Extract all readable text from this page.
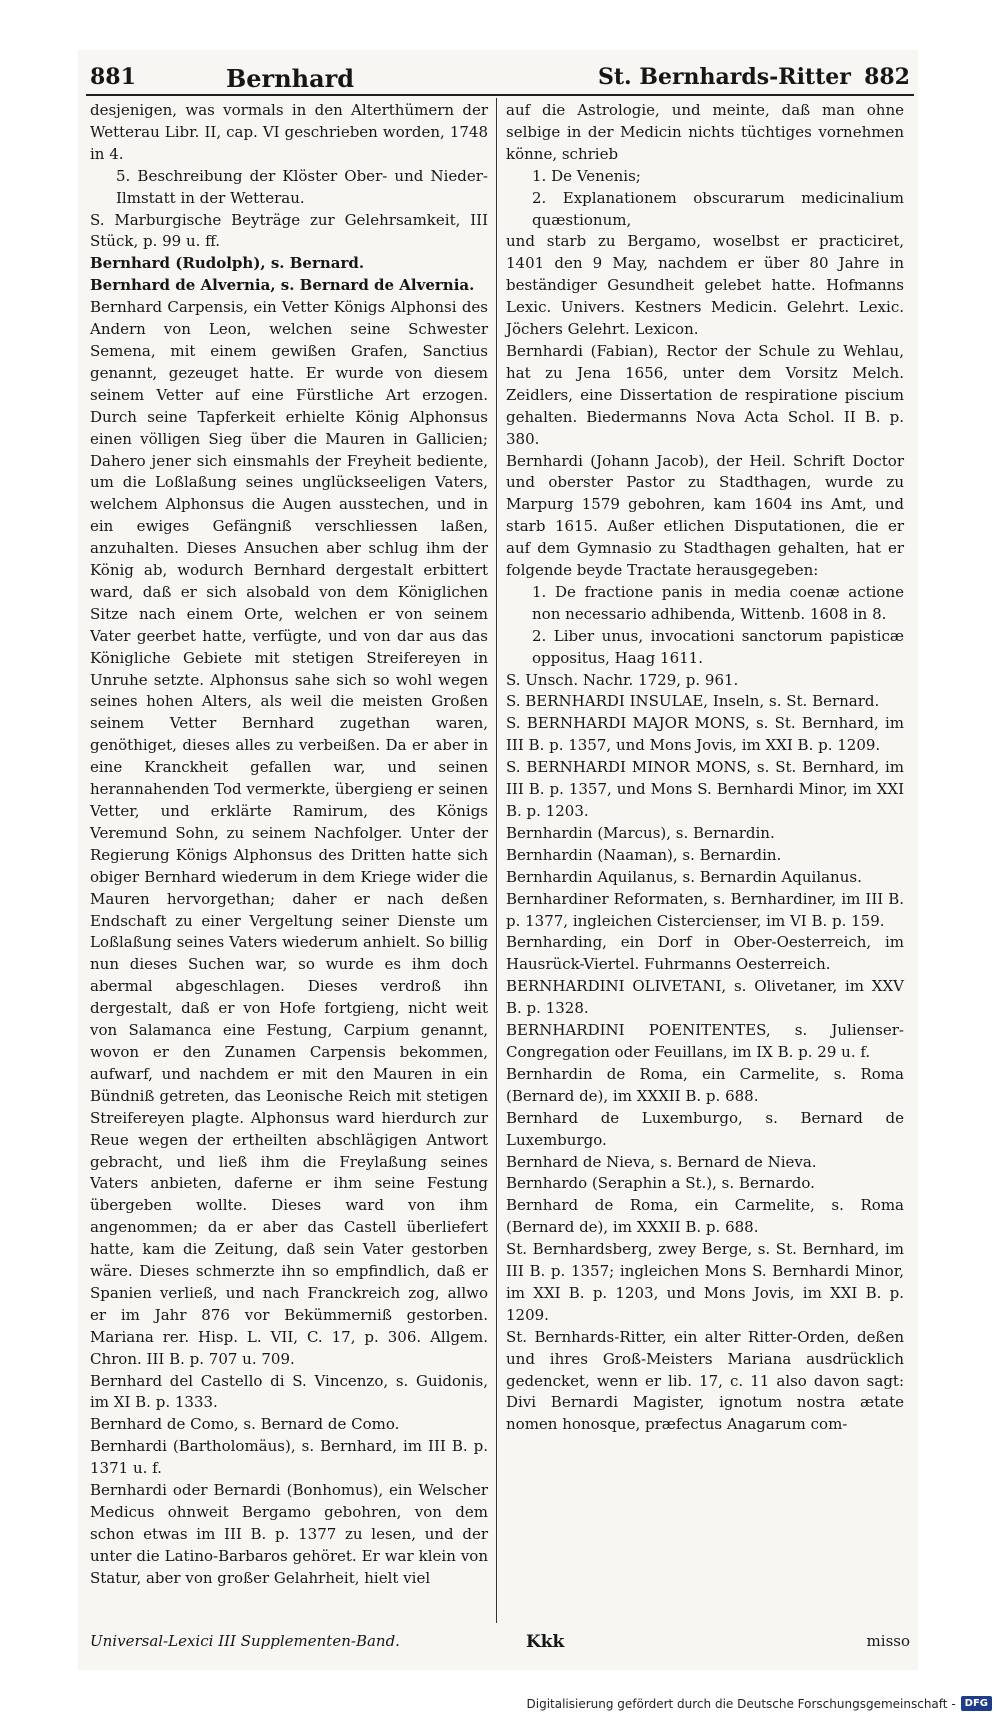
881	Bernhard	St. Bernhards-Ritter 882

desjenigen, was vormals in den Alterthümern der Wetterau Libr. II, cap. VI geschrieben worden, 1748 in 4.

5. Beschreibung der Klöster Ober- und Nieder-Ilmstatt in der Wetterau.

S. Marburgische Beyträge zur Gelehrsamkeit, III Stück, p. 99 u. ff.

Bernhard (Rudolph), s. Bernard.

Bernhard de Alvernia, s. Bernard de Alvernia.

Bernhard Carpensis, ein Vetter Königs Alphonsi des Andern von Leon, welchen seine Schwester Semena, mit einem gewißen Grafen, Sanctius genannt, gezeuget hatte. Er wurde von diesem seinem Vetter auf eine Fürstliche Art erzogen. Durch seine Tapferkeit erhielte König Alphonsus einen völligen Sieg über die Mauren in Gallicien; Dahero jener sich einsmahls der Freyheit bediente, um die Loßlaßung seines unglückseeligen Vaters, welchem Alphonsus die Augen ausstechen, und in ein ewiges Gefängniß verschliessen laßen, anzuhalten. Dieses Ansuchen aber schlug ihm der König ab, wodurch Bernhard dergestalt erbittert ward, daß er sich alsobald von dem Königlichen Sitze nach einem Orte, welchen er von seinem Vater geerbet hatte, verfügte, und von dar aus das Königliche Gebiete mit stetigen Streifereyen in Unruhe setzte. Alphonsus sahe sich so wohl wegen seines hohen Alters, als weil die meisten Großen seinem Vetter Bernhard zugethan waren, genöthiget, dieses alles zu verbeißen. Da er aber in eine Kranckheit gefallen war, und seinen herannahenden Tod vermerkte, übergieng er seinen Vetter, und erklärte Ramirum, des Königs Veremund Sohn, zu seinem Nachfolger. Unter der Regierung Königs Alphonsus des Dritten hatte sich obiger Bernhard wiederum in dem Kriege wider die Mauren hervorgethan; daher er nach deßen Endschaft zu einer Vergeltung seiner Dienste um Loßlaßung seines Vaters wiederum anhielt. So billig nun dieses Suchen war, so wurde es ihm doch abermal abgeschlagen. Dieses verdroß ihn dergestalt, daß er von Hofe fortgieng, nicht weit von Salamanca eine Festung, Carpium genannt, wovon er den Zunamen Carpensis bekommen, aufwarf, und nachdem er mit den Mauren in ein Bündniß getreten, das Leonische Reich mit stetigen Streifereyen plagte. Alphonsus ward hierdurch zur Reue wegen der ertheilten abschlägigen Antwort gebracht, und ließ ihm die Freylaßung seines Vaters anbieten, daferne er ihm seine Festung übergeben wollte. Dieses ward von ihm angenommen; da er aber das Castell überliefert hatte, kam die Zeitung, daß sein Vater gestorben wäre. Dieses schmerzte ihn so empfindlich, daß er Spanien verließ, und nach Franckreich zog, allwo er im Jahr 876 vor Bekümmerniß gestorben. Mariana rer. Hisp. L. VII, C. 17, p. 306. Allgem. Chron. III B. p. 707 u. 709.

Bernhard del Castello di S. Vincenzo, s. Guidonis, im XI B. p. 1333.

Bernhard de Como, s. Bernard de Como.

Bernhardi (Bartholomäus), s. Bernhard, im III B. p. 1371 u. f.

Bernhardi oder Bernardi (Bonhomus), ein Welscher Medicus ohnweit Bergamo gebohren, von dem schon etwas im III B. p. 1377 zu lesen, und der unter die Latino-Barbaros gehöret. Er war klein von Statur, aber von großer Gelahrheit, hielt viel

auf die Astrologie, und meinte, daß man ohne selbige in der Medicin nichts tüchtiges vornehmen könne, schrieb

1. De Venenis;

2. Explanationem obscurarum medicinalium quæstionum,

und starb zu Bergamo, woselbst er practiciret, 1401 den 9 May, nachdem er über 80 Jahre in beständiger Gesundheit gelebet hatte. Hofmanns Lexic. Univers. Kestners Medicin. Gelehrt. Lexic. Jöchers Gelehrt. Lexicon.

Bernhardi (Fabian), Rector der Schule zu Wehlau, hat zu Jena 1656, unter dem Vorsitz Melch. Zeidlers, eine Dissertation de respiratione piscium gehalten. Biedermanns Nova Acta Schol. II B. p. 380.

Bernhardi (Johann Jacob), der Heil. Schrift Doctor und oberster Pastor zu Stadthagen, wurde zu Marpurg 1579 gebohren, kam 1604 ins Amt, und starb 1615. Außer etlichen Disputationen, die er auf dem Gymnasio zu Stadthagen gehalten, hat er folgende beyde Tractate herausgegeben:

1. De fractione panis in media coenæ actione non necessario adhibenda, Wittenb. 1608 in 8.

2. Liber unus, invocationi sanctorum papisticæ oppositus, Haag 1611.

S. Unsch. Nachr. 1729, p. 961.

S. BERNHARDI INSULAE, Inseln, s. St. Bernard.

S. BERNHARDI MAJOR MONS, s. St. Bernhard, im III B. p. 1357, und Mons Jovis, im XXI B. p. 1209.

S. BERNHARDI MINOR MONS, s. St. Bernhard, im III B. p. 1357, und Mons S. Bernhardi Minor, im XXI B. p. 1203.

Bernhardin (Marcus), s. Bernardin.

Bernhardin (Naaman), s. Bernardin.

Bernhardin Aquilanus, s. Bernardin Aquilanus.

Bernhardiner Reformaten, s. Bernhardiner, im III B. p. 1377, ingleichen Cistercienser, im VI B. p. 159.

Bernharding, ein Dorf in Ober-Oesterreich, im Hausrück-Viertel. Fuhrmanns Oesterreich.

BERNHARDINI OLIVETANI, s. Olivetaner, im XXV B. p. 1328.

BERNHARDINI POENITENTES, s. Julienser-Congregation oder Feuillans, im IX B. p. 29 u. f.

Bernhardin de Roma, ein Carmelite, s. Roma (Bernard de), im XXXII B. p. 688.

Bernhard de Luxemburgo, s. Bernard de Luxemburgo.

Bernhard de Nieva, s. Bernard de Nieva.

Bernhardo (Seraphin a St.), s. Bernardo.

Bernhard de Roma, ein Carmelite, s. Roma (Bernard de), im XXXII B. p. 688.

St. Bernhardsberg, zwey Berge, s. St. Bernhard, im III B. p. 1357; ingleichen Mons S. Bernhardi Minor, im XXI B. p. 1203, und Mons Jovis, im XXI B. p. 1209.

St. Bernhards-Ritter, ein alter Ritter-Orden, deßen und ihres Groß-Meisters Mariana ausdrücklich gedencket, wenn er lib. 17, c. 11 also davon sagt: Divi Bernardi Magister, ignotum nostra ætate nomen honosque, præfectus Anagarum com-

Universal-Lexici III Supplementen-Band.	Kkk	misso
Digitalisierung gefördert durch die Deutsche Forschungsgemeinschaft - DFG
